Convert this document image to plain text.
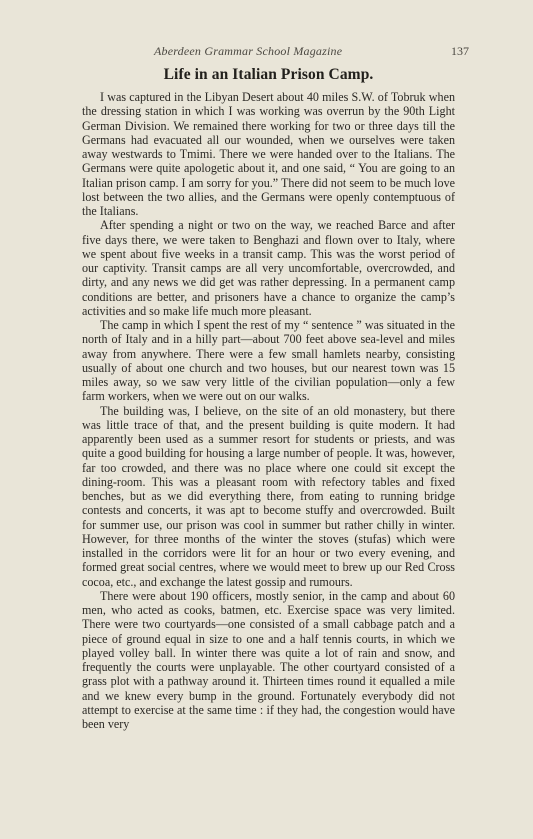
Aberdeen Grammar School Magazine	137
Life in an Italian Prison Camp.

I was captured in the Libyan Desert about 40 miles S.W. of Tobruk when the dressing station in which I was working was overrun by the 90th Light German Division. We remained there working for two or three days till the Germans had evacuated all our wounded, when we ourselves were taken away westwards to Tmimi. There we were handed over to the Italians. The Germans were quite apologetic about it, and one said, “ You are going to an Italian prison camp. I am sorry for you.” There did not seem to be much love lost between the two allies, and the Germans were openly contemptuous of the Italians.

After spending a night or two on the way, we reached Barce and after five days there, we were taken to Benghazi and flown over to Italy, where we spent about five weeks in a transit camp. This was the worst period of our captivity. Transit camps are all very uncomfortable, overcrowded, and dirty, and any news we did get was rather depressing. In a permanent camp conditions are better, and prisoners have a chance to organize the camp’s activities and so make life much more pleasant.

The camp in which I spent the rest of my “ sentence ” was situated in the north of Italy and in a hilly part—about 700 feet above sea-level and miles away from anywhere. There were a few small hamlets nearby, consisting usually of about one church and two houses, but our nearest town was 15 miles away, so we saw very little of the civilian population—only a few farm workers, when we were out on our walks.

The building was, I believe, on the site of an old monastery, but there was little trace of that, and the present building is quite modern. It had apparently been used as a summer resort for students or priests, and was quite a good building for housing a large number of people. It was, however, far too crowded, and there was no place where one could sit except the dining-room. This was a pleasant room with refectory tables and fixed benches, but as we did everything there, from eating to running bridge contests and concerts, it was apt to become stuffy and overcrowded. Built for summer use, our prison was cool in summer but rather chilly in winter. However, for three months of the winter the stoves (stufas) which were installed in the corridors were lit for an hour or two every evening, and formed great social centres, where we would meet to brew up our Red Cross cocoa, etc., and exchange the latest gossip and rumours.

There were about 190 officers, mostly senior, in the camp and about 60 men, who acted as cooks, batmen, etc. Exercise space was very limited. There were two courtyards—one consisted of a small cabbage patch and a piece of ground equal in size to one and a half tennis courts, in which we played volley ball. In winter there was quite a lot of rain and snow, and frequently the courts were unplayable. The other courtyard consisted of a grass plot with a pathway around it. Thirteen times round it equalled a mile and we knew every bump in the ground. Fortunately everybody did not attempt to exercise at the same time : if they had, the congestion would have been very
